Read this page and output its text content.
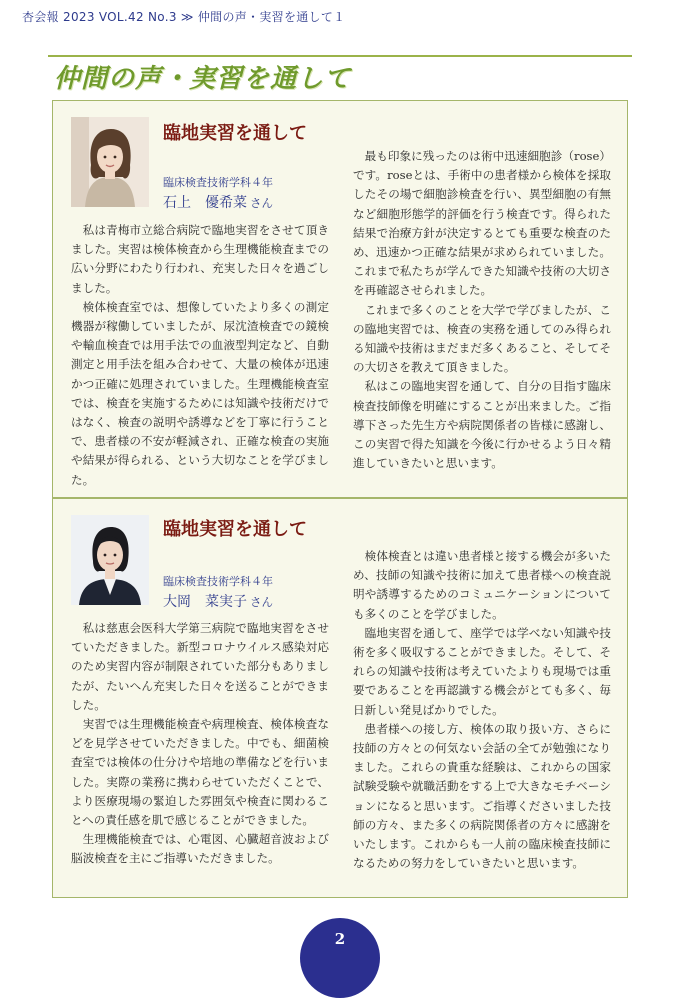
杏会報 2023 VOL.42 No.3 ≫ 仲間の声・実習を通して１
仲間の声・実習を通して
臨地実習を通して
臨床検査技術学科４年
石上　優希菜 さん

私は青梅市立総合病院で臨地実習をさせて頂きました。実習は検体検査から生理機能検査までの広い分野にわたり行われ、充実した日々を過ごしました。

検体検査室では、想像していたより多くの測定機器が稼働していましたが、尿沈渣検査での鏡検や輸血検査では用手法での血液型判定など、自動測定と用手法を組み合わせて、大量の検体が迅速かつ正確に処理されていました。生理機能検査室では、検査を実施するためには知識や技術だけではなく、検査の説明や誘導などを丁寧に行うことで、患者様の不安が軽減され、正確な検査の実施や結果が得られる、という大切なことを学びました。

最も印象に残ったのは術中迅速細胞診（rose）です。roseとは、手術中の患者様から検体を採取したその場で細胞診検査を行い、異型細胞の有無など細胞形態学的評価を行う検査です。得られた結果で治療方針が決定するとても重要な検査のため、迅速かつ正確な結果が求められていました。これまで私たちが学んできた知識や技術の大切さを再確認させられました。

これまで多くのことを大学で学びましたが、この臨地実習では、検査の実務を通してのみ得られる知識や技術はまだまだ多くあること、そしてその大切さを教えて頂きました。

私はこの臨地実習を通して、自分の目指す臨床検査技師像を明確にすることが出来ました。ご指導下さった先生方や病院関係者の皆様に感謝し、この実習で得た知識を今後に行かせるよう日々精進していきたいと思います。

臨地実習を通して
臨床検査技術学科４年
大岡　菜実子 さん

私は慈恵会医科大学第三病院で臨地実習をさせていただきました。新型コロナウイルス感染対応のため実習内容が制限されていた部分もありましたが、たいへん充実した日々を送ることができました。

実習では生理機能検査や病理検査、検体検査などを見学させていただきました。中でも、細菌検査室では検体の仕分けや培地の準備などを行いました。実際の業務に携わらせていただくことで、より医療現場の緊迫した雰囲気や検査に関わることへの責任感を肌で感じることができました。

生理機能検査では、心電図、心臓超音波および脳波検査を主にご指導いただきました。

検体検査とは違い患者様と接する機会が多いため、技師の知識や技術に加えて患者様への検査説明や誘導するためのコミュニケーションについても多くのことを学びました。

臨地実習を通して、座学では学べない知識や技術を多く吸収することができました。そして、それらの知識や技術は考えていたよりも現場では重要であることを再認識する機会がとても多く、毎日新しい発見ばかりでした。

患者様への接し方、検体の取り扱い方、さらに技師の方々との何気ない会話の全てが勉強になりました。これらの貴重な経験は、これからの国家試験受験や就職活動をする上で大きなモチベーションになると思います。ご指導くださいました技師の方々、また多くの病院関係者の方々に感謝をいたします。これからも一人前の臨床検査技師になるための努力をしていきたいと思います。

2
